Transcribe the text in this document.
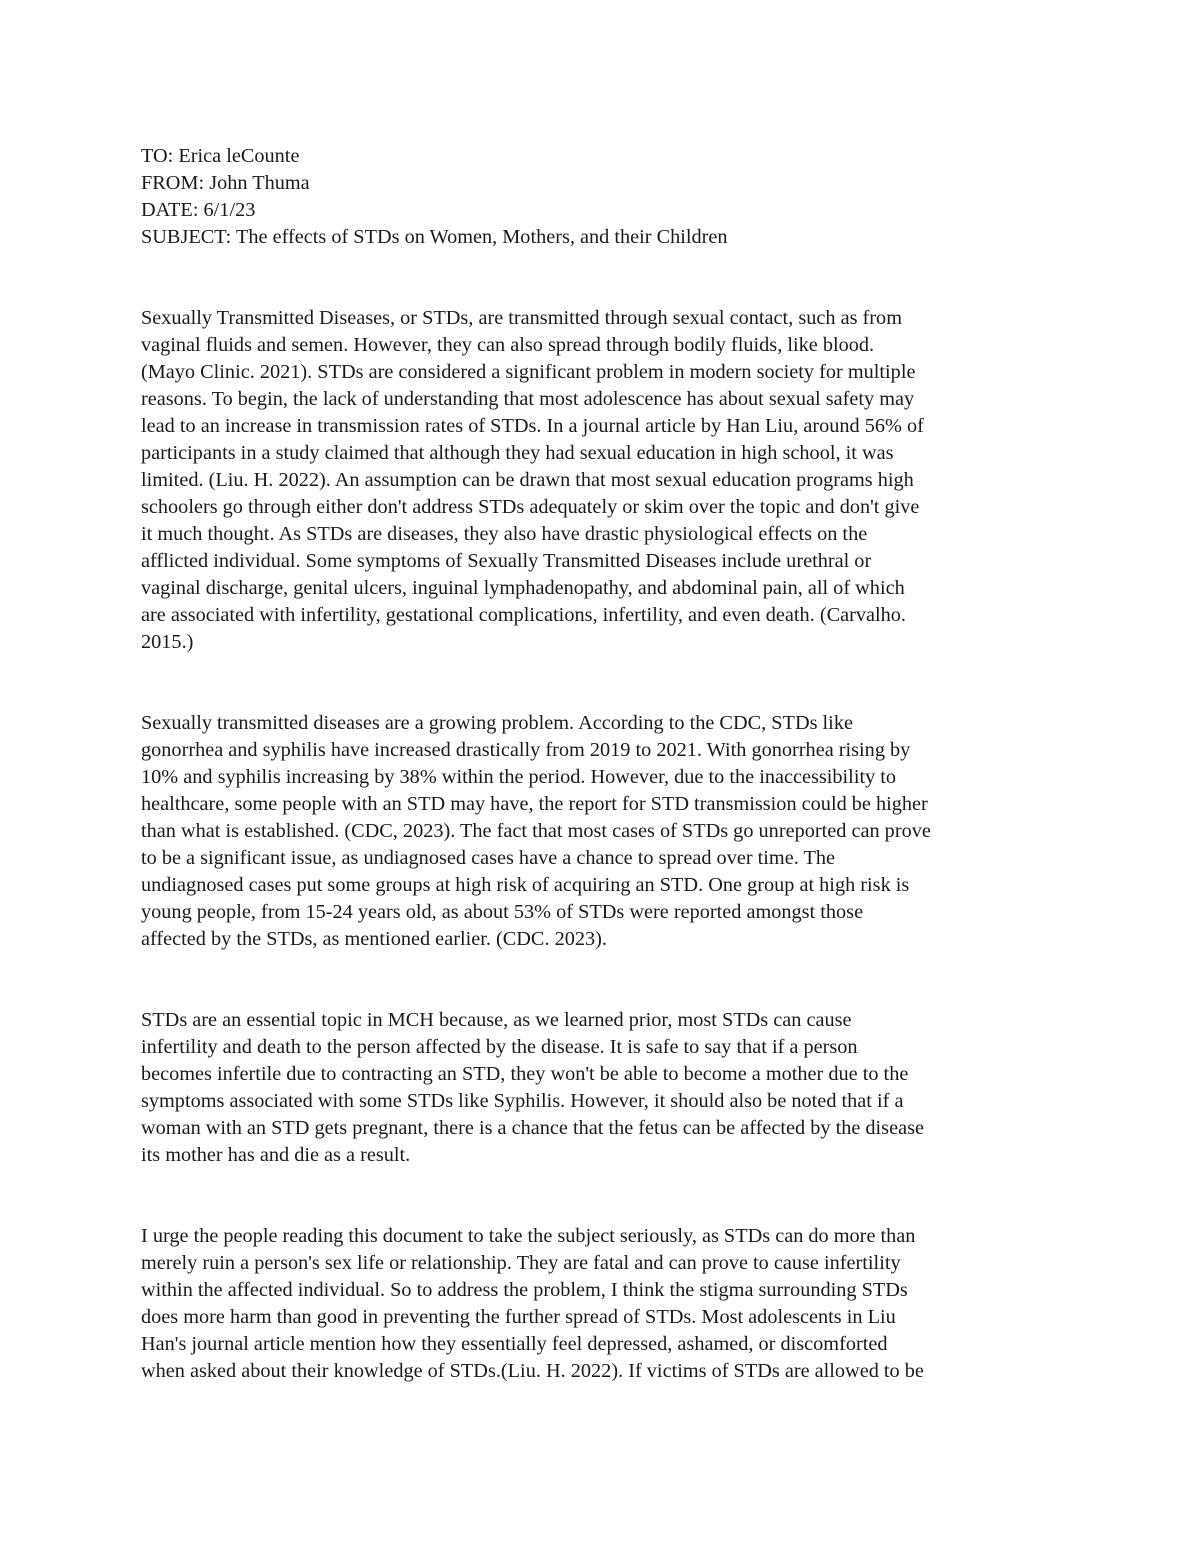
TO: Erica leCounte

FROM: John Thuma

DATE: 6/1/23

SUBJECT: The effects of STDs on Women, Mothers, and their Children

Sexually Transmitted Diseases, or STDs, are transmitted through sexual contact, such as from
vaginal fluids and semen. However, they can also spread through bodily fluids, like blood.
(Mayo Clinic. 2021). STDs are considered a significant problem in modern society for multiple
reasons. To begin, the lack of understanding that most adolescence has about sexual safety may
lead to an increase in transmission rates of STDs. In a journal article by Han Liu, around 56% of
participants in a study claimed that although they had sexual education in high school, it was
limited. (Liu. H. 2022). An assumption can be drawn that most sexual education programs high
schoolers go through either don't address STDs adequately or skim over the topic and don't give
it much thought. As STDs are diseases, they also have drastic physiological effects on the
afflicted individual. Some symptoms of Sexually Transmitted Diseases include urethral or
vaginal discharge, genital ulcers, inguinal lymphadenopathy, and abdominal pain, all of which
are associated with infertility, gestational complications, infertility, and even death. (Carvalho.
2015.)
Sexually transmitted diseases are a growing problem. According to the CDC, STDs like
gonorrhea and syphilis have increased drastically from 2019 to 2021. With gonorrhea rising by
10% and syphilis increasing by 38% within the period. However, due to the inaccessibility to
healthcare, some people with an STD may have, the report for STD transmission could be higher
than what is established. (CDC, 2023). The fact that most cases of STDs go unreported can prove
to be a significant issue, as undiagnosed cases have a chance to spread over time. The
undiagnosed cases put some groups at high risk of acquiring an STD. One group at high risk is
young people, from 15-24 years old, as about 53% of STDs were reported amongst those
affected by the STDs, as mentioned earlier. (CDC. 2023).
STDs are an essential topic in MCH because, as we learned prior, most STDs can cause
infertility and death to the person affected by the disease. It is safe to say that if a person
becomes infertile due to contracting an STD, they won't be able to become a mother due to the
symptoms associated with some STDs like Syphilis. However, it should also be noted that if a
woman with an STD gets pregnant, there is a chance that the fetus can be affected by the disease
its mother has and die as a result.
I urge the people reading this document to take the subject seriously, as STDs can do more than
merely ruin a person's sex life or relationship. They are fatal and can prove to cause infertility
within the affected individual. So to address the problem, I think the stigma surrounding STDs
does more harm than good in preventing the further spread of STDs. Most adolescents in Liu
Han's journal article mention how they essentially feel depressed, ashamed, or discomforted
when asked about their knowledge of STDs.(Liu. H. 2022). If victims of STDs are allowed to be
